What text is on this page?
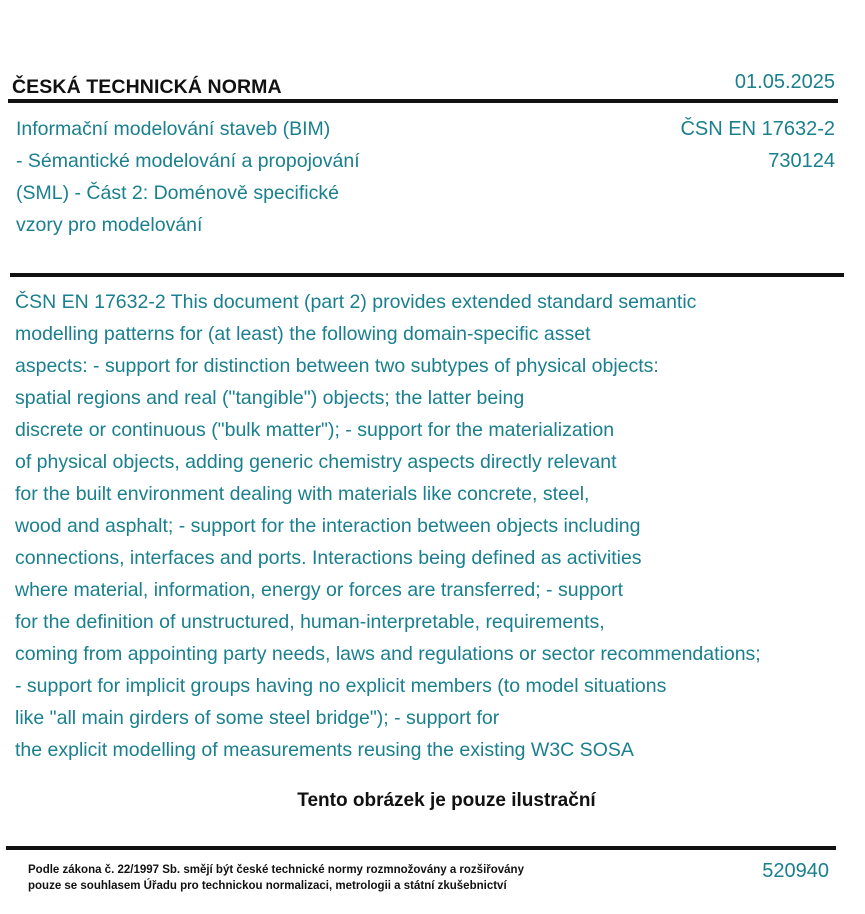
ČESKÁ TECHNICKÁ NORMA	01.05.2025
Informační modelování staveb (BIM)
- Sémantické modelování a propojování
(SML) - Část 2: Doménově specifické
vzory pro modelování
ČSN EN 17632-2
730124
ČSN EN 17632-2 This document (part 2) provides extended standard semantic
modelling patterns for (at least) the following domain-specific asset
aspects: - support for distinction between two subtypes of physical objects:
spatial regions and real ("tangible") objects; the latter being
discrete or continuous ("bulk matter"); - support for the materialization
of physical objects, adding generic chemistry aspects directly relevant
for the built environment dealing with materials like concrete, steel,
wood and asphalt; - support for the interaction between objects including
connections, interfaces and ports. Interactions being defined as activities
where material, information, energy or forces are transferred; - support
for the definition of unstructured, human-interpretable, requirements,
coming from appointing party needs, laws and regulations or sector recommendations;
- support for implicit groups having no explicit members (to model situations
like "all main girders of some steel bridge"); - support for
the explicit modelling of measurements reusing the existing W3C SOSA
Tento obrázek je pouze ilustrační
Podle zákona č. 22/1997 Sb. smějí být české technické normy rozmnožovány a rozšiřovány
pouze se souhlasem Úřadu pro technickou normalizaci, metrologii a státní zkušebnictví
520940
